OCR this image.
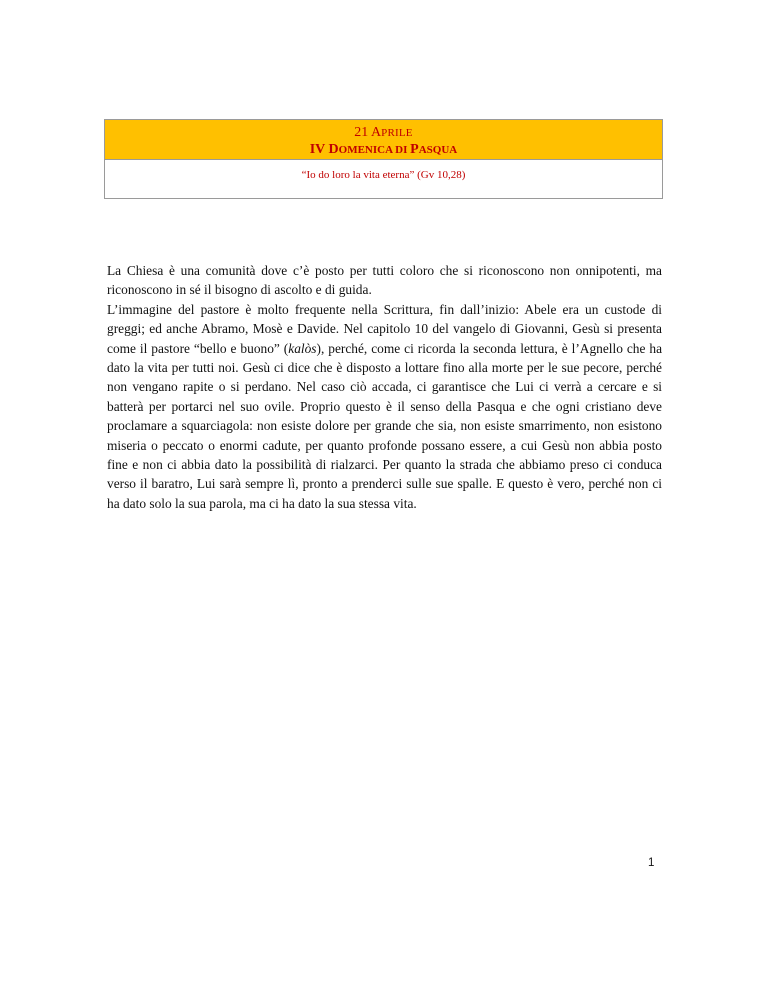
21 APRILE
IV DOMENICA DI PASQUA
“Io do loro la vita eterna” (Gv 10,28)

La Chiesa è una comunità dove c’è posto per tutti coloro che si riconoscono non onnipotenti, ma riconoscono in sé il bisogno di ascolto e di guida.

L’immagine del pastore è molto frequente nella Scrittura, fin dall’inizio: Abele era un custode di greggi; ed anche Abramo, Mosè e Davide. Nel capitolo 10 del vangelo di Giovanni, Gesù si presenta come il pastore “bello e buono” (kalòs), perché, come ci ricorda la seconda lettura, è l’Agnello che ha dato la vita per tutti noi. Gesù ci dice che è disposto a lottare fino alla morte per le sue pecore, perché non vengano rapite o si perdano. Nel caso ciò accada, ci garantisce che Lui ci verrà a cercare e si batterà per portarci nel suo ovile. Proprio questo è il senso della Pasqua e che ogni cristiano deve proclamare a squarciagola: non esiste dolore per grande che sia, non esiste smarrimento, non esistono miseria o peccato o enormi cadute, per quanto profonde possano essere, a cui Gesù non abbia posto fine e non ci abbia dato la possibilità di rialzarci. Per quanto la strada che abbiamo preso ci conduca verso il baratro, Lui sarà sempre lì, pronto a prenderci sulle sue spalle. E questo è vero, perché non ci ha dato solo la sua parola, ma ci ha dato la sua stessa vita.

1
